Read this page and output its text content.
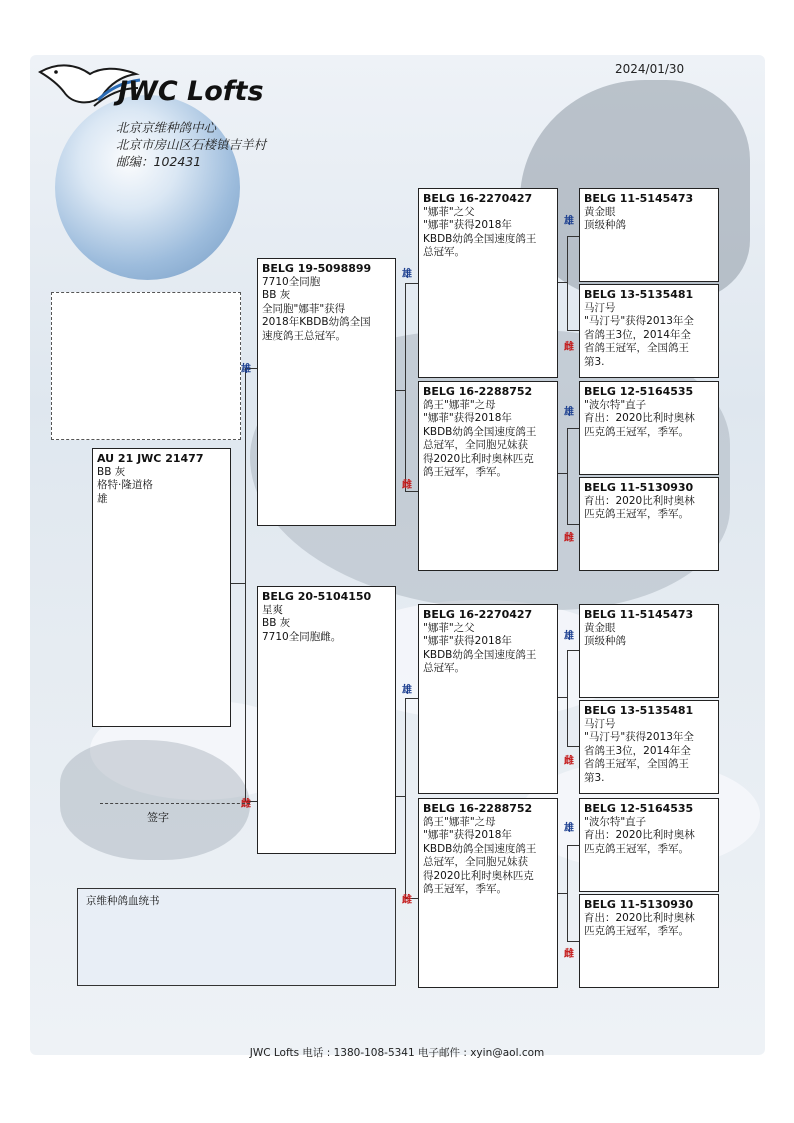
JWC Lofts
北京京维种鸽中心
北京市房山区石楼镇吉羊村
邮编：102431
2024/01/30
雄
雌
雄
雌
雄
雌
雄
雌
雄
雌
雄
雌
雄
雌
AU 21 JWC 21477
BB 灰
格特·隆道格
雄
BELG 19-5098899
7710全同胞
BB 灰
全同胞"娜菲"获得
2018年KBDB幼鸽全国
速度鸽王总冠军。
BELG 20-5104150
星爽
BB 灰
7710全同胞雌。
BELG 16-2270427
"娜菲"之父
"娜菲"获得2018年
KBDB幼鸽全国速度鸽王
总冠军。
BELG 16-2288752
鸽王"娜菲"之母
"娜菲"获得2018年
KBDB幼鸽全国速度鸽王
总冠军，全同胞兄妹获
得2020比利时奥林匹克
鸽王冠军，季军。
BELG 16-2270427
"娜菲"之父
"娜菲"获得2018年
KBDB幼鸽全国速度鸽王
总冠军。
BELG 16-2288752
鸽王"娜菲"之母
"娜菲"获得2018年
KBDB幼鸽全国速度鸽王
总冠军，全同胞兄妹获
得2020比利时奥林匹克
鸽王冠军，季军。
BELG 11-5145473
黄金眼
顶级种鸽
BELG 13-5135481
马汀号
"马汀号"获得2013年全
省鸽王3位，2014年全
省鸽王冠军，全国鸽王
第3.
BELG 12-5164535
"波尔特"直子
育出：2020比利时奥林
匹克鸽王冠军，季军。
BELG 11-5130930
育出：2020比利时奥林
匹克鸽王冠军，季军。
BELG 11-5145473
黄金眼
顶级种鸽
BELG 13-5135481
马汀号
"马汀号"获得2013年全
省鸽王3位，2014年全
省鸽王冠军，全国鸽王
第3.
BELG 12-5164535
"波尔特"直子
育出：2020比利时奥林
匹克鸽王冠军，季军。
BELG 11-5130930
育出：2020比利时奥林
匹克鸽王冠军，季军。
签字
京维种鸽血统书
JWC Lofts 电话 : 1380-108-5341 电子邮件 : xyin@aol.com
